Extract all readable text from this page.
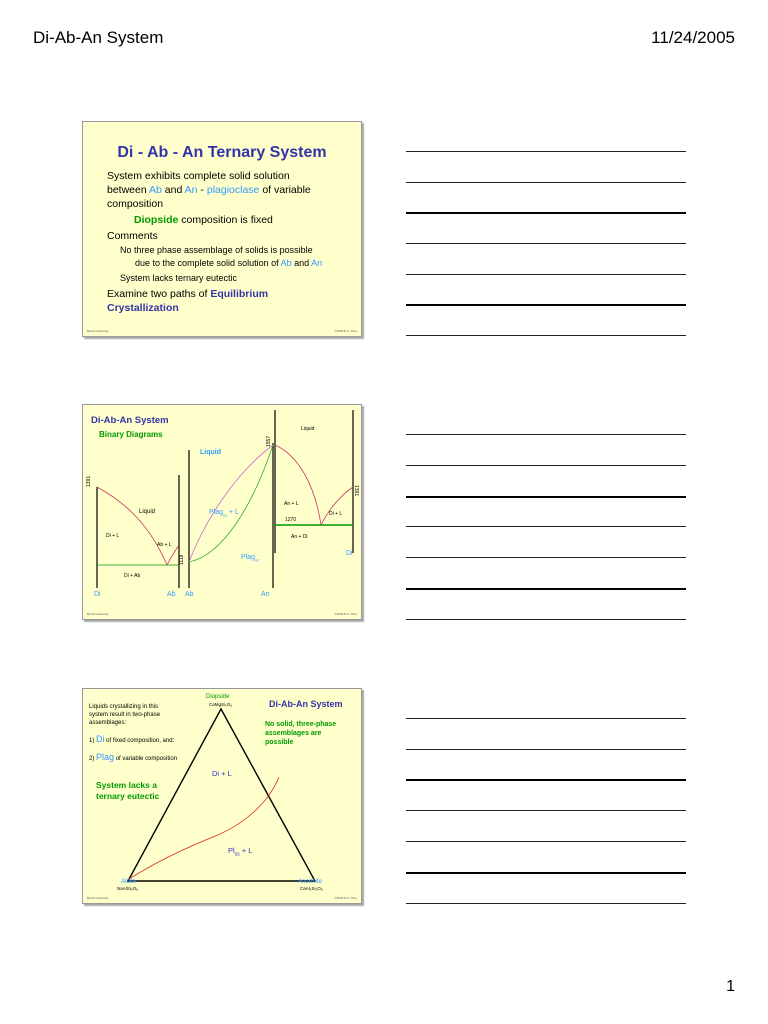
Di-Ab-An System	11/24/2005
Di - Ab - An Ternary System
System exhibits complete solid solution
between Ab and An - plagioclase of variable
composition
Diopside composition is fixed
Comments
No three phase assemblage of solids is possible
due to the complete solid solution of Ab and An
System lacks ternary eutectic
Examine two paths of Equilibrium
Crystallization
Brock University	©2003 D.C. Pine
Di-Ab-An System
Binary Diagrams
1391
Liquid
Di + L
Ab + L
Di + Ab
Di	Ab
Liquid
Plag$_{ss}$ + L
Plag$_{ss}$
1118
1557
Ab	An
Liquid
An + L
Di + L
1270
An + Di
1391
Di
Brock University	©2003 D.C. Pine
Liquids crystallizing in this
system result in two-phase
assemblages:
1) Di of fixed composition, and:
2) Plag of variable composition
System lacks a
ternary eutectic
Di-Ab-An System
No solid, three-phase
assemblages are
possible
Diopside
CaMgSi₂O₆
Albite
NaAlSi₃O₈
Anorthite
CaAl₂Si₂O₈
Di + L
$Pl_{ss} + L$
Brock University	©2003 D.C. Pine
1
